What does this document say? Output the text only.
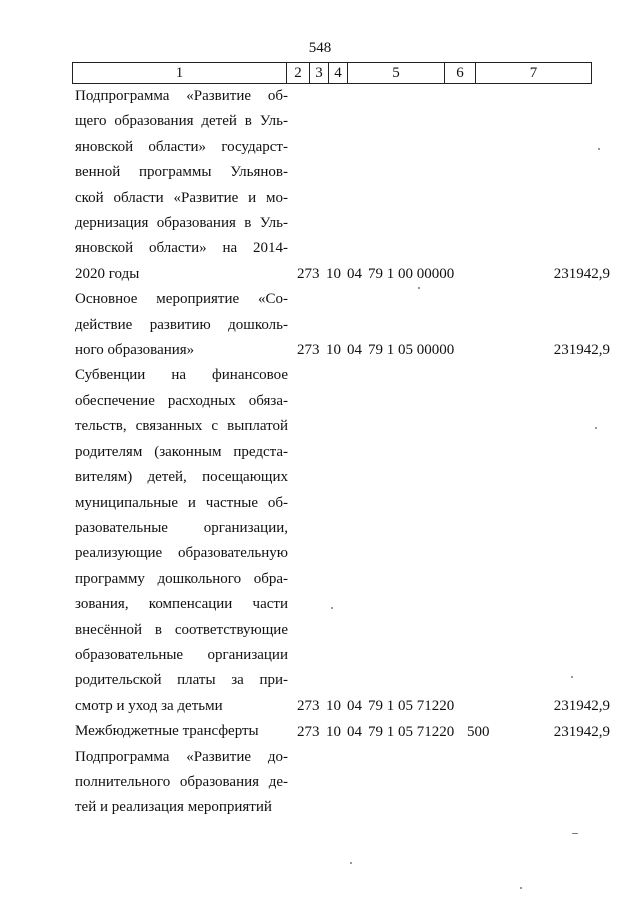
548
1	2	3	4	5	6	7
Подпрограмма «Развитие об-
щего образования детей в Уль-
яновской области» государст-
венной программы Ульянов-
ской области «Развитие и мо-
дернизация образования в Уль-
яновской области» на 2014-
2020 годы	273 10 04 79 1 00 00000	231942,9
Основное мероприятие «Со-
действие развитию дошколь-
ного образования»	273 10 04 79 1 05 00000	231942,9
Субвенции на финансовое
обеспечение расходных обяза-
тельств, связанных с выплатой
родителям (законным предста-
вителям) детей, посещающих
муниципальные и частные об-
разовательные организации,
реализующие образовательную
программу дошкольного обра-
зования, компенсации части
внесённой в соответствующие
образовательные организации
родительской платы за при-
смотр и уход за детьми	273 10 04 79 1 05 71220	231942,9
Межбюджетные трансферты	273 10 04 79 1 05 71220 500	231942,9
Подпрограмма «Развитие до-
полнительного образования де-
тей и реализация мероприятий
